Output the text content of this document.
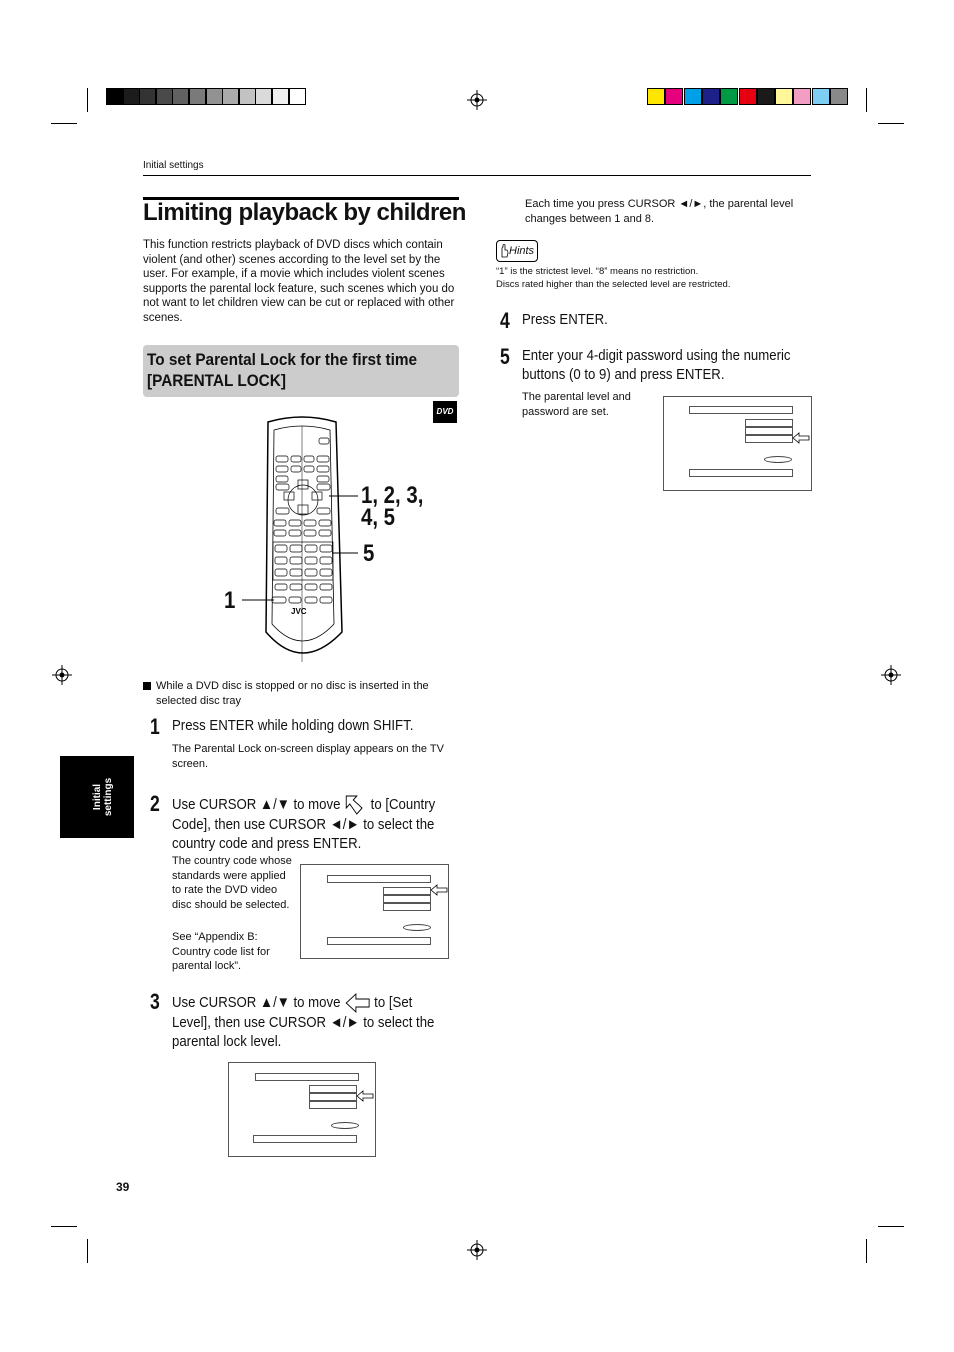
Initial settings
Limiting playback by children
This function restricts playback of DVD discs which contain violent (and other) scenes according to the level set by the user. For example, if a movie which includes violent scenes supports the parental lock feature, such scenes which you do not want to let children view can be cut or replaced with other scenes.
To set Parental Lock for the first time [PARENTAL LOCK]
DVD
JVC
1, 2, 3, 4, 5
5
1
While a DVD disc is stopped or no disc is inserted in the selected disc tray
1 Press ENTER while holding down SHIFT.
The Parental Lock on-screen display appears on the TV screen.
2 Use CURSOR ▲/▼ to move to [Country Code], then use CURSOR ◄/► to select the country code and press ENTER.
The country code whose standards were applied to rate the DVD video disc should be selected.
See “Appendix B: Country code list for parental lock”.
3 Use CURSOR ▲/▼ to move to [Set Level], then use CURSOR ◄/► to select the parental lock level.
Initial settings
39
Each time you press CURSOR ◄/►, the parental level changes between 1 and 8.
Hints
“1” is the strictest level. “8” means no restriction.
Discs rated higher than the selected level are restricted.
4 Press ENTER.
5 Enter your 4-digit password using the numeric buttons (0 to 9) and press ENTER.
The parental level and password are set.
